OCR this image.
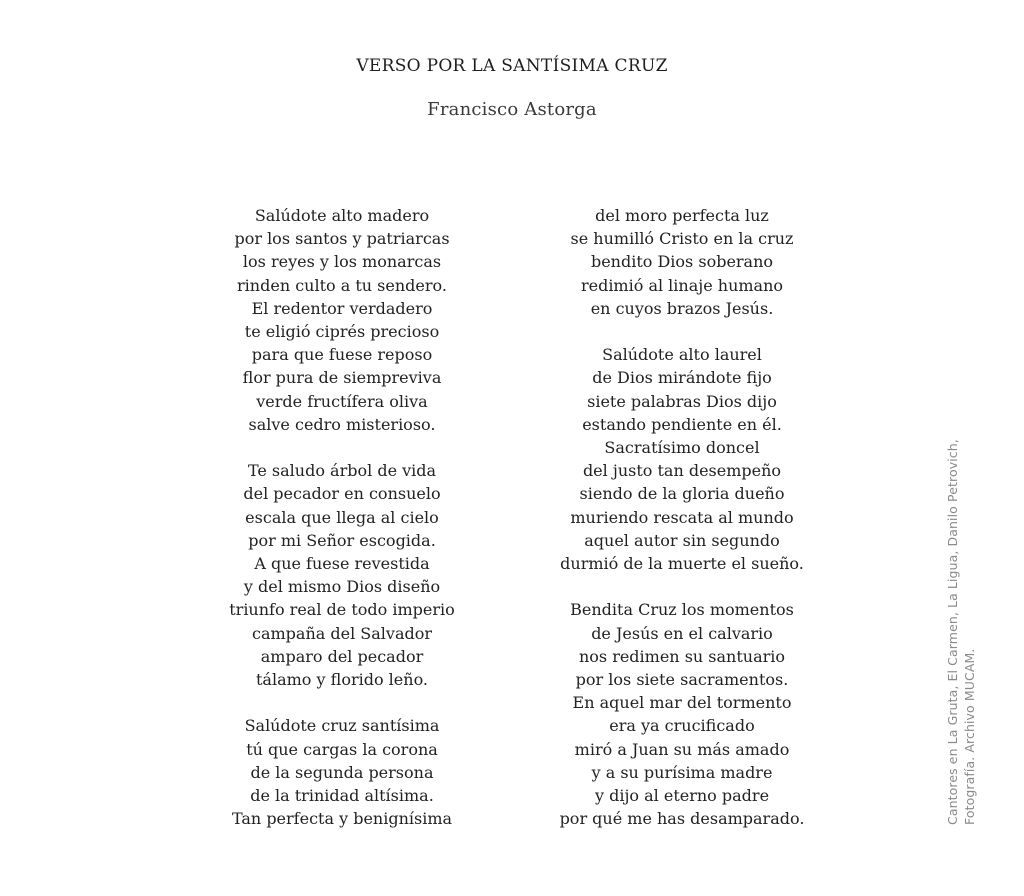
VERSO POR LA SANTÍSIMA CRUZ
Francisco Astorga
Salúdote alto madero
por los santos y patriarcas
los reyes y los monarcas
rinden culto a tu sendero.
El redentor verdadero
te eligió ciprés precioso
para que fuese reposo
flor pura de siempreviva
verde fructífera oliva
salve cedro misterioso.
Te saludo árbol de vida
del pecador en consuelo
escala que llega al cielo
por mi Señor escogida.
A que fuese revestida
y del mismo Dios diseño
triunfo real de todo imperio
campaña del Salvador
amparo del pecador
tálamo y florido leño.
Salúdote cruz santísima
tú que cargas la corona
de la segunda persona
de la trinidad altísima.
Tan perfecta y benignísima
del moro perfecta luz
se humilló Cristo en la cruz
bendito Dios soberano
redimió al linaje humano
en cuyos brazos Jesús.
Salúdote alto laurel
de Dios mirándote fijo
siete palabras Dios dijo
estando pendiente en él.
Sacratísimo doncel
del justo tan desempeño
siendo de la gloria dueño
muriendo rescata al mundo
aquel autor sin segundo
durmió de la muerte el sueño.
Bendita Cruz los momentos
de Jesús en el calvario
nos redimen su santuario
por los siete sacramentos.
En aquel mar del tormento
era ya crucificado
miró a Juan su más amado
y a su purísima madre
y dijo al eterno padre
por qué me has desamparado.	Cantores en La Gruta, El Carmen, La Ligua, Danilo Petrovich, Fotografía. Archivo MUCAM.
